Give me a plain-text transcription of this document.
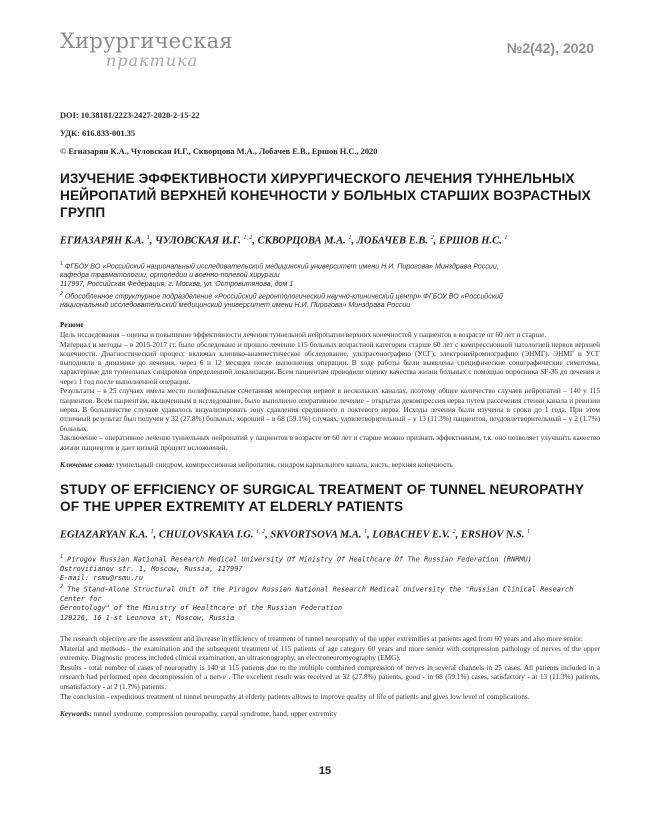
Хирургическая
практика
№2(42), 2020
DOI: 10.38181/2223-2427-2020-2-15-22
УДК: 616.833-001.35
© Егиазарян К.А., Чуловская И.Г., Скворцова М.А., Лобачев Е.В., Ершов Н.С., 2020
ИЗУЧЕНИЕ ЭФФЕКТИВНОСТИ ХИРУРГИЧЕСКОГО ЛЕЧЕНИЯ ТУННЕЛЬНЫХ НЕЙРОПАТИЙ ВЕРХНЕЙ КОНЕЧНОСТИ У БОЛЬНЫХ СТАРШИХ ВОЗРАСТНЫХ ГРУПП
ЕГИАЗАРЯН К.А. $^1$, ЧУЛОВСКАЯ И.Г. $^{1, 2}$, СКВОРЦОВА М.А. $^1$, ЛОБАЧЕВ Е.В. $^2$, ЕРШОВ Н.С. $^1$
$^1$ ФГБОУ ВО «Российский национальный исследовательский медицинский университет имени Н.И. Пирогова» Минздрава России,
кафедра травматологии, ортопедии и военно-полевой хирургии
117997, Российская Федерация, г. Москва, ул. Островитянова, дом 1
$^2$ Обособленное структурное подразделение «Российский геронтологический научно-клинический центр» ФГБОУ ВО «Российский
национальный исследовательский медицинский университет имени Н.И. Пирогова» Минздрава России
Резюме
Цель исследования – оценка и повышение эффективности лечения туннельной нейропатии верхних конечностей у пациентов в возрасте от 60 лет и старше.
Материал и методы – в 2015-2017 гг. было обследовано и прошло лечение 115 больных возрастной категории старше 60 лет с компрессионной патологией нервов верхней конечности. Диагностический процесс включал клинико-анамнестическое обследование, ультрасонографию (УСГ), электронейромиографию (ЭНМГ). ЭНМГ и УСГ выполняли в динамике до лечения, через 6 и 12 месяцев после выполнения операции. В ходе работы были выявлены специфические сонографические симптомы, характерные для туннельных синдромов определенной локализации. Всем пациентам проводили оценку качества жизни больных с помощью опросника SF-36 до лечения и через 1 год после выполненной операции.
Результаты – в 25 случаях имела место полифокальная сочетанная компрессия нервов в нескольких каналах, поэтому общее количество случаев нейропатий – 140 у 115 пациентов. Всем пациентам, включенным в исследование, было выполнено оперативное лечение – открытая декомпрессия нерва путем рассечения стенки канала и ревизии нерва. В большинстве случаев удавалось визуализировать зону сдавления срединного и локтевого нерва. Исходы лечения были изучены в сроки до 1 года. При этом отличный результат был получен у 32 (27.8%) больных, хороший – в 68 (59.1%) случаях, удовлетворительный – у 13 (11.3%) пациентов, неудовлетворительный – у 2 (1.7%) больных.
Заключение – оперативное лечение туннельных нейропатий у пациентов в возрасте от 60 лет и старше можно признать эффективным, т.к. оно позволяет улучшить качество жизни пациентов и дает низкий процент осложнений.
Ключевые слова: туннельный синдром, компрессионная нейропатия, синдром карпального канала, кисть, верхняя конечность
STUDY OF EFFICIENCY OF SURGICAL TREATMENT OF TUNNEL NEUROPATHY OF THE UPPER EXTREMITY AT ELDERLY PATIENTS
EGIAZARYAN K.A. $^1$, CHULOVSKAYA I.G. $^{1, 2}$, SKVORTSOVA M.A. $^1$, LOBACHEV E.V. $^2$, ERSHOV N.S. $^1$
$^1$ Pirogov Russian National Research Medical University Of Ministry Of Healthcare Of The Russian Federation (RNRMU)
Ostrovitianov str. 1, Moscow, Russia, 117997
E-mail: rsmu@rsmu.ru
$^2$ The Stand-Alone Structural Unit of the Pirogov Russian National Research Medical University the "Russian Clinical Research Center for
Gerontology" of the Ministry of Healthcare of the Russian Federation
129226, 16 1-st Leonova st, Moscow, Russia
The research objective are the assessment and increase in efficiency of treatment of tunnel neuropathy of the upper extremities at patients aged from 60 years and also more senior.
Material and methods - the examination and the subsequent treatment of 115 patients of age category 60 years and more senior with compression pathology of nerves of the upper extremity. Diagnostic process included clinical examination, an ultrasonography, an electroneuromyography (EMG).
Results - total number of cases of neuropathy is 140 at 115 patients due to the multiple combined compression of nerves in several channels in 25 cases. All patients included in a research had performed open decompression of a nerve . The excellent result was received at 32 (27.8%) patients, good - in 68 (59.1%) cases, satisfactory - at 13 (11.3%) patients, unsatisfactory - at 2 (1.7%) patients.
The conclusion - expeditious treatment of tunnel neuropathy at elderly patients allows to improve quality of life of patients and gives low level of complications.
Keywords: tunnel syndrome, compression neuropathy, carpal syndrome, hand, upper extremity
15
